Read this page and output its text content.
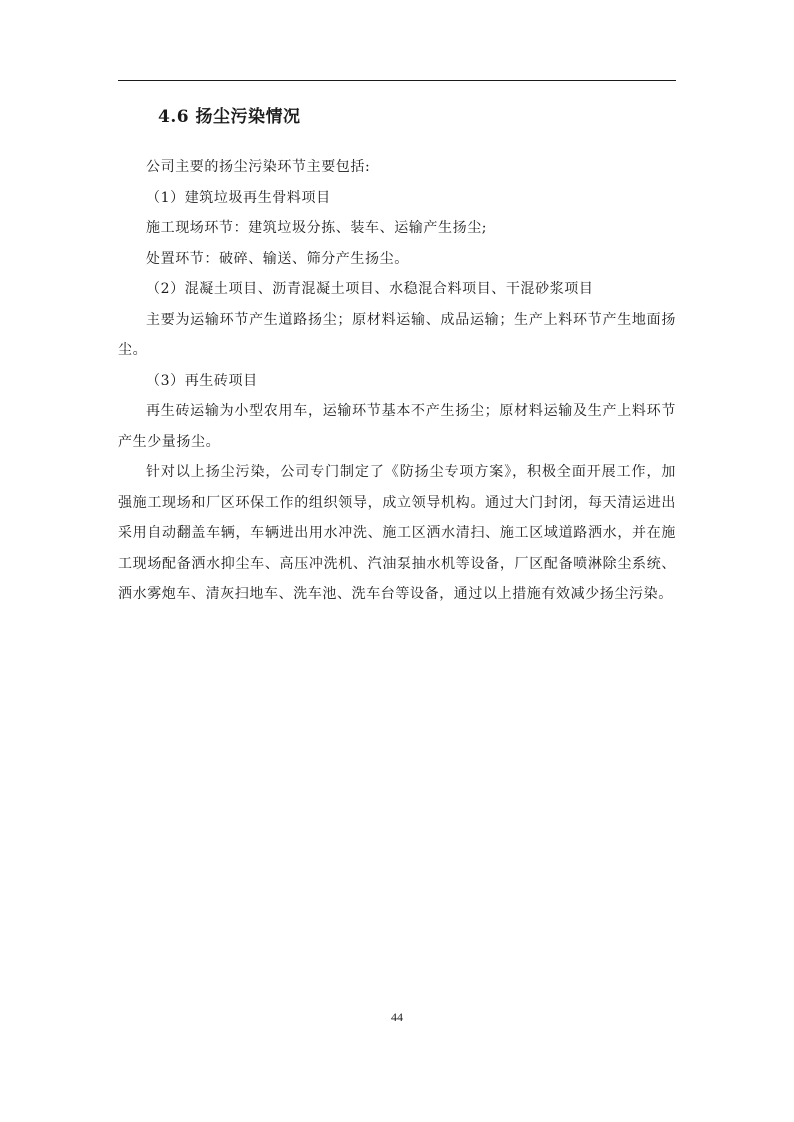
4.6 扬尘污染情况

公司主要的扬尘污染环节主要包括:

（1）建筑垃圾再生骨料项目

施工现场环节：建筑垃圾分拣、装车、运输产生扬尘;

处置环节：破碎、输送、筛分产生扬尘。

（2）混凝土项目、沥青混凝土项目、水稳混合料项目、干混砂浆项目

主要为运输环节产生道路扬尘；原材料运输、成品运输；生产上料环节产生地面扬尘。

（3）再生砖项目

再生砖运输为小型农用车，运输环节基本不产生扬尘；原材料运输及生产上料环节产生少量扬尘。

针对以上扬尘污染，公司专门制定了《防扬尘专项方案》，积极全面开展工作，加强施工现场和厂区环保工作的组织领导，成立领导机构。通过大门封闭，每天清运进出采用自动翻盖车辆，车辆进出用水冲洗、施工区洒水清扫、施工区域道路洒水，并在施工现场配备洒水抑尘车、高压冲洗机、汽油泵抽水机等设备，厂区配备喷淋除尘系统、洒水雾炮车、清灰扫地车、洗车池、洗车台等设备，通过以上措施有效减少扬尘污染。

44
